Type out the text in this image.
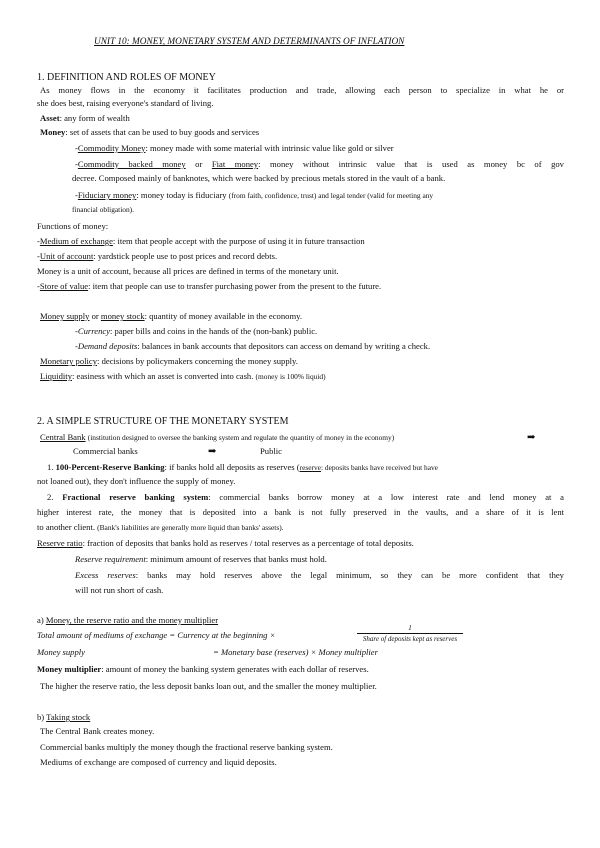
UNIT 10: MONEY, MONETARY SYSTEM AND DETERMINANTS OF INFLATION
1. DEFINITION AND ROLES OF MONEY
As money flows in the economy it facilitates production and trade, allowing each person to specialize in what he or
she does best, raising everyone's standard of living.
Asset: any form of wealth
Money: set of assets that can be used to buy goods and services
-Commodity Money: money made with some material with intrinsic value like gold or silver
-Commodity backed money or Fiat money: money without intrinsic value that is used as money bc of gov
decree. Composed mainly of banknotes, which were backed by precious metals stored in the vault of a bank.
-Fiduciary money: money today is fiduciary (from faith, confidence, trust) and legal tender (valid for meeting any
financial obligation).
Functions of money:
-Medium of exchange: item that people accept with the purpose of using it in future transaction
-Unit of account: yardstick people use to post prices and record debts.
Money is a unit of account, because all prices are defined in terms of the monetary unit.
-Store of value: item that people can use to transfer purchasing power from the present to the future.
Money supply or money stock: quantity of money available in the economy.
-Currency: paper bills and coins in the hands of the (non-bank) public.
-Demand deposits: balances in bank accounts that depositors can access on demand by writing a check.
Monetary policy: decisions by policymakers concerning the money supply.
Liquidity: easiness with which an asset is converted into cash. (money is 100% liquid)
2. A SIMPLE STRUCTURE OF THE MONETARY SYSTEM
Central Bank (institution designed to oversee the banking system and regulate the quantity of money in the economy)	➡
Commercial banks	➡	Public
1. 100-Percent-Reserve Banking: if banks hold all deposits as reserves (reserve: deposits banks have received but have
not loaned out), they don't influence the supply of money.
2. Fractional reserve banking system: commercial banks borrow money at a low interest rate and lend money at a
higher interest rate, the money that is deposited into a bank is not fully preserved in the vaults, and a share of it is lent
to another client. (Bank's liabilities are generally more liquid than banks' assets).
Reserve ratio: fraction of deposits that banks hold as reserves / total reserves as a percentage of total deposits.
Reserve requirement: minimum amount of reserves that banks must hold.
Excess reserves: banks may hold reserves above the legal minimum, so they can be more confident that they
will not run short of cash.
a) Money, the reserve ratio and the money multiplier
Total amount of mediums of exchange = Currency at the beginning ×
1
Share of deposits kept as reserves
Money supply	= Monetary base (reserves) × Money multiplier
Money multiplier: amount of money the banking system generates with each dollar of reserves.
The higher the reserve ratio, the less deposit banks loan out, and the smaller the money multiplier.
b) Taking stock
The Central Bank creates money.
Commercial banks multiply the money though the fractional reserve banking system.
Mediums of exchange are composed of currency and liquid deposits.
